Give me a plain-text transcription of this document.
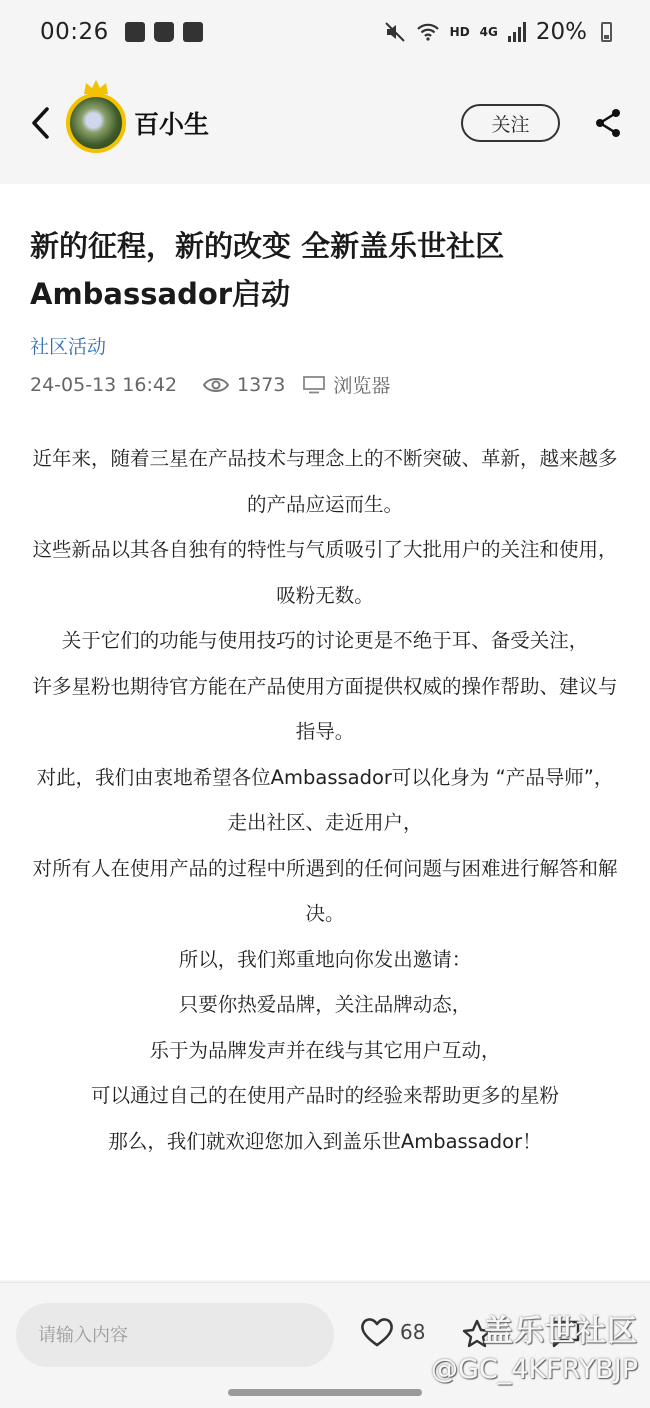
00:26	HD 4G 20%
百小生	关注
新的征程，新的改变 全新盖乐世社区Ambassador启动
社区活动
24-05-13 16:42	1373	浏览器

近年来，随着三星在产品技术与理念上的不断突破、革新，越来越多的产品应运而生。

这些新品以其各自独有的特性与气质吸引了大批用户的关注和使用，吸粉无数。

关于它们的功能与使用技巧的讨论更是不绝于耳、备受关注，

许多星粉也期待官方能在产品使用方面提供权威的操作帮助、建议与指导。

对此，我们由衷地希望各位Ambassador可以化身为 “产品导师”，

走出社区、走近用户，

对所有人在使用产品的过程中所遇到的任何问题与困难进行解答和解决。

所以，我们郑重地向你发出邀请：

只要你热爱品牌，关注品牌动态，

乐于为品牌发声并在线与其它用户互动，

可以通过自己的在使用产品时的经验来帮助更多的星粉

那么，我们就欢迎您加入到盖乐世Ambassador！

请输入内容
68 盖乐世社区
@GC_4KFRYBJP
